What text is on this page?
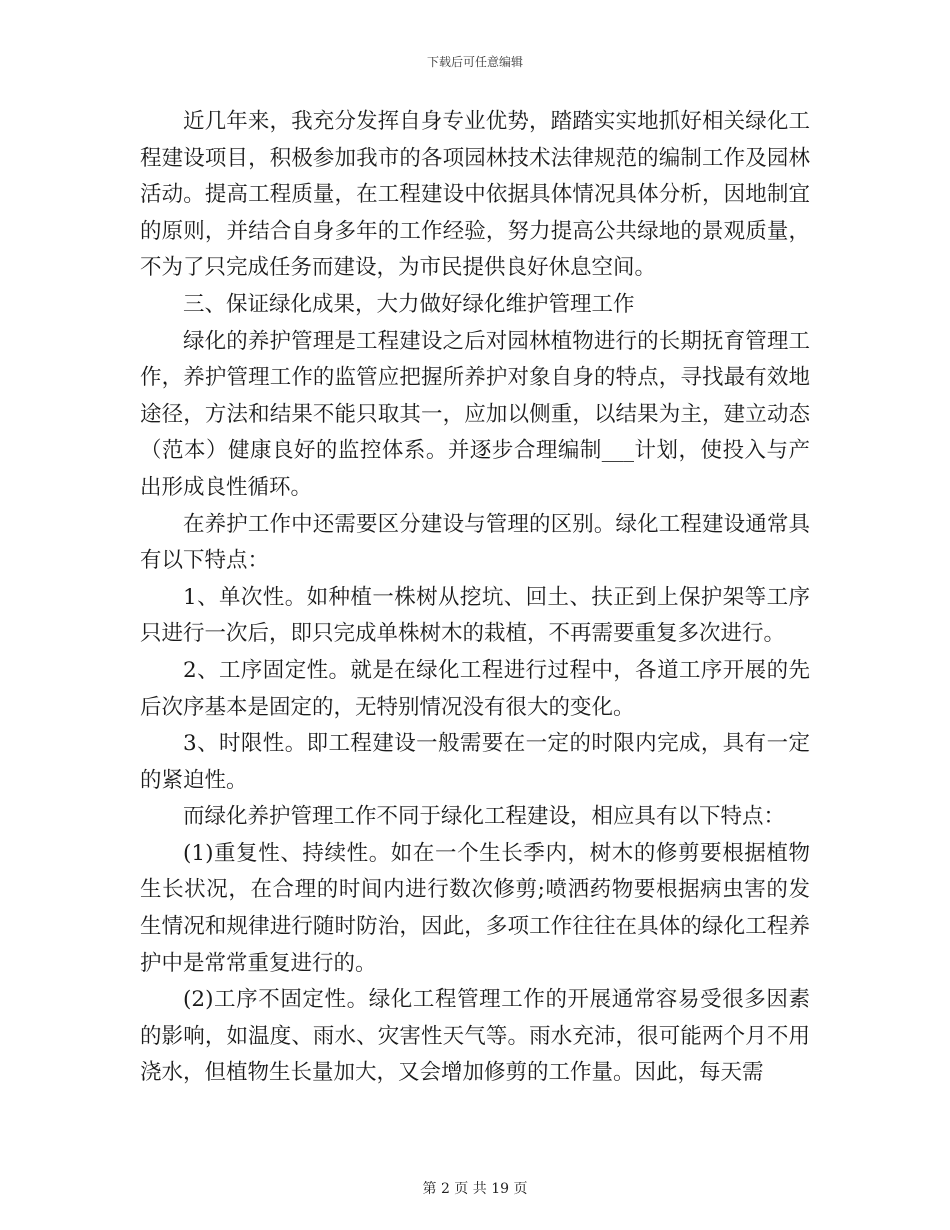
下载后可任意编辑

近几年来，我充分发挥自身专业优势，踏踏实实地抓好相关绿化工程建设项目，积极参加我市的各项园林技术法律规范的编制工作及园林活动。提高工程质量，在工程建设中依据具体情况具体分析，因地制宜的原则，并结合自身多年的工作经验，努力提高公共绿地的景观质量，不为了只完成任务而建设，为市民提供良好休息空间。

三、保证绿化成果，大力做好绿化维护管理工作

绿化的养护管理是工程建设之后对园林植物进行的长期抚育管理工作，养护管理工作的监管应把握所养护对象自身的特点，寻找最有效地途径，方法和结果不能只取其一，应加以侧重，以结果为主，建立动态（范本）健康良好的监控体系。并逐步合理编制___计划，使投入与产出形成良性循环。

在养护工作中还需要区分建设与管理的区别。绿化工程建设通常具有以下特点：

1、单次性。如种植一株树从挖坑、回土、扶正到上保护架等工序只进行一次后，即只完成单株树木的栽植，不再需要重复多次进行。

2、工序固定性。就是在绿化工程进行过程中，各道工序开展的先后次序基本是固定的，无特别情况没有很大的变化。

3、时限性。即工程建设一般需要在一定的时限内完成，具有一定的紧迫性。

而绿化养护管理工作不同于绿化工程建设，相应具有以下特点：

(1)重复性、持续性。如在一个生长季内，树木的修剪要根据植物生长状况，在合理的时间内进行数次修剪;喷洒药物要根据病虫害的发生情况和规律进行随时防治，因此，多项工作往往在具体的绿化工程养护中是常常重复进行的。

(2)工序不固定性。绿化工程管理工作的开展通常容易受很多因素的影响，如温度、雨水、灾害性天气等。雨水充沛，很可能两个月不用浇水，但植物生长量加大，又会增加修剪的工作量。因此，每天需

第 2 页 共 19 页
